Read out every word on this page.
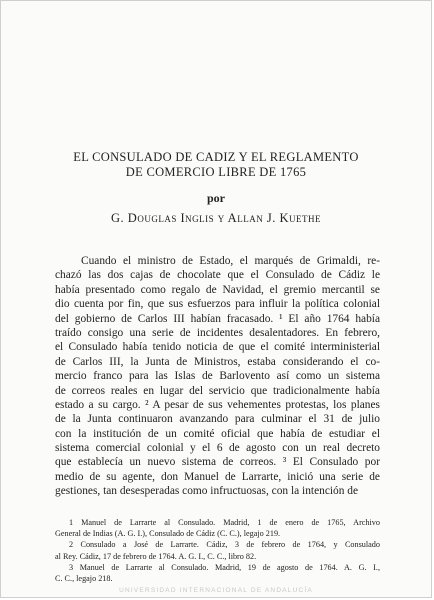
EL CONSULADO DE CADIZ Y EL REGLAMENTO
DE COMERCIO LIBRE DE 1765
por
G. Douglas Inglis y Allan J. Kuethe
Cuando el ministro de Estado, el marqués de Grimaldi, re-
chazó las dos cajas de chocolate que el Consulado de Cádiz le
había presentado como regalo de Navidad, el gremio mercantil se
dio cuenta por fin, que sus esfuerzos para influir la política colonial
del gobierno de Carlos III habían fracasado. ¹ El año 1764 había
traído consigo una serie de incidentes desalentadores. En febrero,
el Consulado había tenido noticia de que el comité interministerial
de Carlos III, la Junta de Ministros, estaba considerando el co-
mercio franco para las Islas de Barlovento así como un sistema
de correos reales en lugar del servicio que tradicionalmente había
estado a su cargo. ² A pesar de sus vehementes protestas, los planes
de la Junta continuaron avanzando para culminar el 31 de julio
con la institución de un comité oficial que había de estudiar el
sistema comercial colonial y el 6 de agosto con un real decreto
que establecía un nuevo sistema de correos. ³ El Consulado por
medio de su agente, don Manuel de Larrarte, inició una serie de
gestiones, tan desesperadas como infructuosas, con la intención de
1 Manuel de Larrarte al Consulado. Madrid, 1 de enero de 1765, Archivo
General de Indias (A. G. I.), Consulado de Cádiz (C. C.), legajo 219.
2 Consulado a José de Larrarte. Cádiz, 3 de febrero de 1764, y Consulado
al Rey. Cádiz, 17 de febrero de 1764. A. G. I., C. C., libro 82.
3 Manuel de Larrarte al Consulado. Madrid, 19 de agosto de 1764. A. G. I.,
C. C., legajo 218.
UNIVERSIDAD INTERNACIONAL DE ANDALUCÍA
